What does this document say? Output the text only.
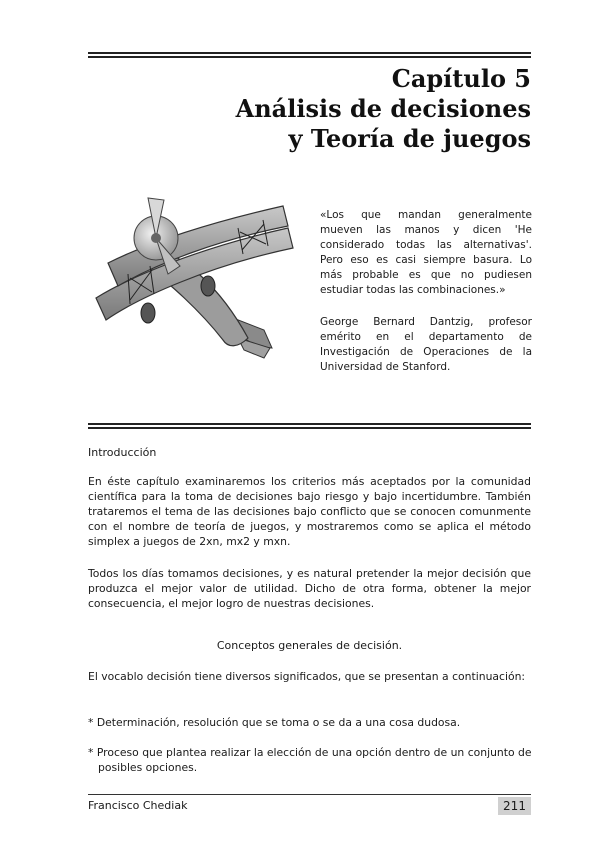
Capítulo 5
Análisis de decisiones
y Teoría de juegos

«Los que mandan generalmente mueven las manos y dicen 'He considerado todas las alternativas'. Pero eso es casi siempre basura. Lo más probable es que no pudiesen estudiar todas las combinaciones.»

George Bernard Dantzig, profesor emérito en el departamento de Investigación de Operaciones de la Universidad de Stanford.

Introducción

En éste capítulo examinaremos los criterios más aceptados por la comunidad científica para la toma de decisiones bajo riesgo y bajo incertidumbre. También trataremos el tema de las decisiones bajo conflicto que se conocen comunmente con el nombre de teoría de juegos, y mostraremos como se aplica el método simplex a juegos de 2xn, mx2 y mxn.

Todos los días tomamos decisiones, y es natural pretender la mejor decisión que produzca el mejor valor de utilidad. Dicho de otra forma, obtener la mejor consecuencia, el mejor logro de nuestras decisiones.

Conceptos generales de decisión.

El vocablo decisión tiene diversos significados, que se presentan a continuación:

* Determinación, resolución que se toma o se da a una cosa dudosa.

* Proceso que plantea realizar la elección de una opción dentro de un conjunto de posibles opciones.

Francisco Chediak	211
